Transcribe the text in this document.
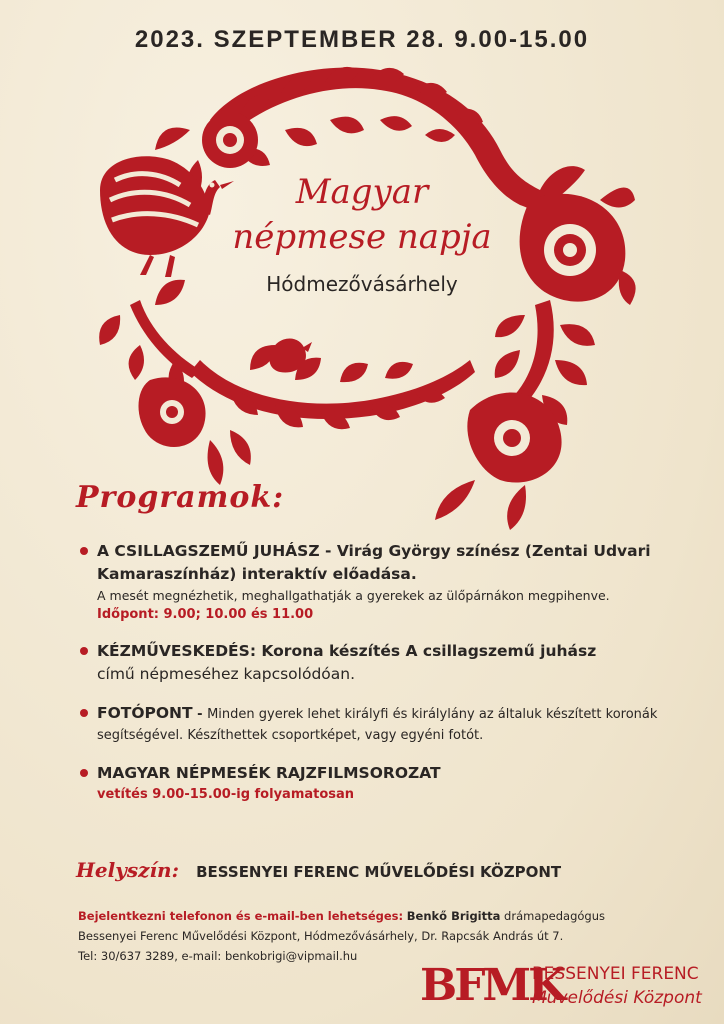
2023. SZEPTEMBER 28. 9.00-15.00
Magyar
népmese napja
Hódmezővásárhely
Programok:
A CSILLAGSZEMŰ JUHÁSZ - Virág György színész (Zentai Udvari Kamaraszínház) interaktív előadása.
A mesét megnézhetik, meghallgathatják a gyerekek az ülőpárnákon megpihenve.
Időpont: 9.00; 10.00 és 11.00
KÉZMŰVESKEDÉS: Korona készítés A csillagszemű juhász
című népmeséhez kapcsolódóan.
FOTÓPONT - Minden gyerek lehet királyfi és királylány az általuk készített koronák segítségével. Készíthettek csoportképet, vagy egyéni fotót.
MAGYAR NÉPMESÉK RAJZFILMSOROZAT
vetítés 9.00-15.00-ig folyamatosan
Helyszín: BESSENYEI FERENC MŰVELŐDÉSI KÖZPONT
Bejelentkezni telefonon és e-mail-ben lehetséges: Benkő Brigitta drámapedagógus
Bessenyei Ferenc Művelődési Központ, Hódmezővásárhely, Dr. Rapcsák András út 7.
Tel: 30/637 3289, e-mail: benkobrigi@vipmail.hu
BFMK
BESSENYEI FERENC
Művelődési Központ
